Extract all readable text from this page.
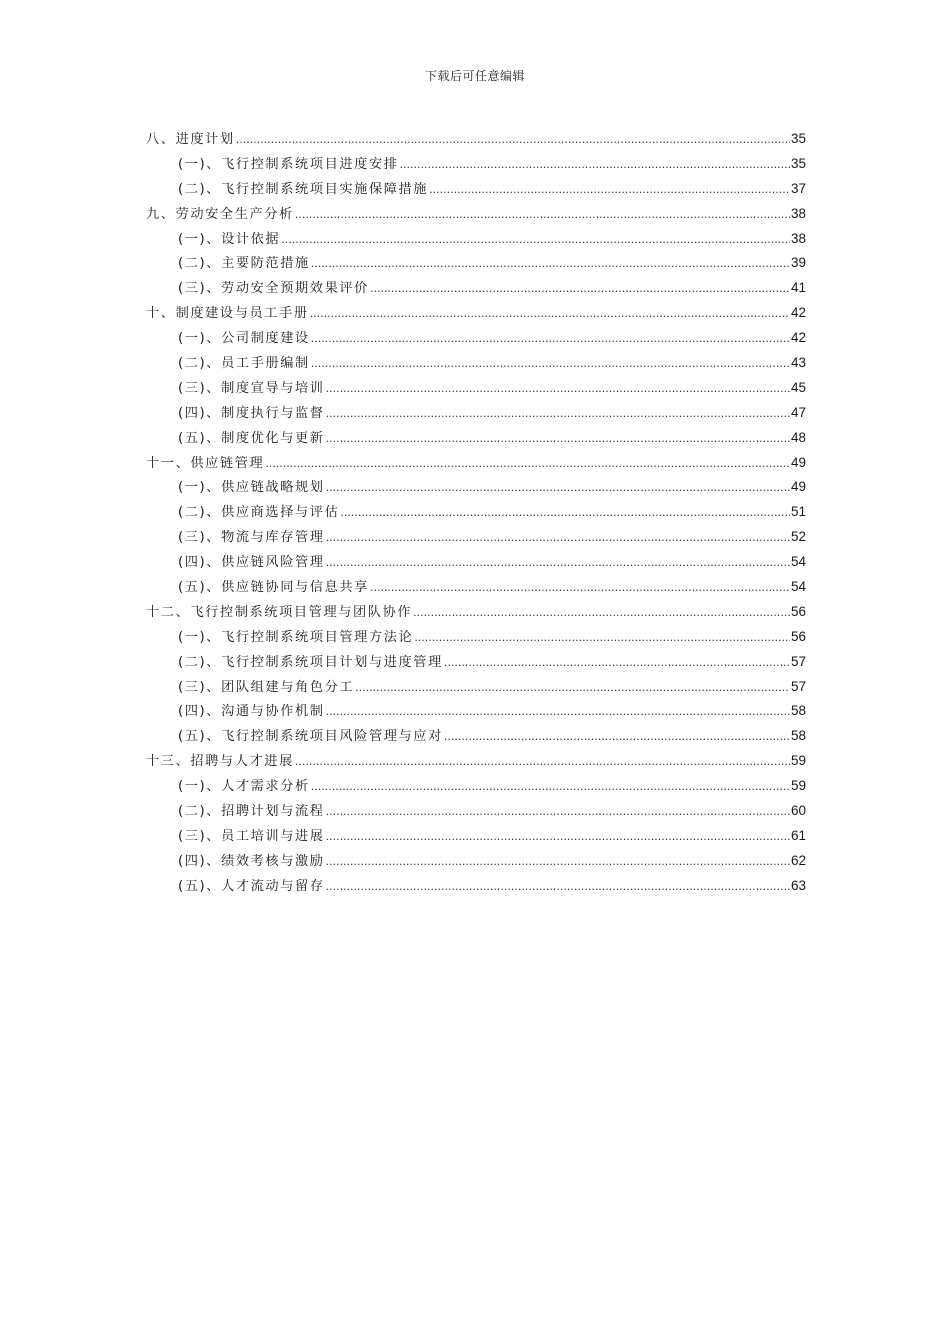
下载后可任意编辑
八、进度计划 .....	35
(一)、飞行控制系统项目进度安排 .....	35
(二)、飞行控制系统项目实施保障措施 .....	37
九、劳动安全生产分析 .....	38
(一)、设计依据 .....	38
(二)、主要防范措施 .....	39
(三)、劳动安全预期效果评价 .....	41
十、制度建设与员工手册 .....	42
(一)、公司制度建设 .....	42
(二)、员工手册编制 .....	43
(三)、制度宣导与培训 .....	45
(四)、制度执行与监督 .....	47
(五)、制度优化与更新 .....	48
十一、供应链管理 .....	49
(一)、供应链战略规划 .....	49
(二)、供应商选择与评估 .....	51
(三)、物流与库存管理 .....	52
(四)、供应链风险管理 .....	54
(五)、供应链协同与信息共享 .....	54
十二、飞行控制系统项目管理与团队协作 .....	56
(一)、飞行控制系统项目管理方法论 .....	56
(二)、飞行控制系统项目计划与进度管理 .....	57
(三)、团队组建与角色分工 .....	57
(四)、沟通与协作机制 .....	58
(五)、飞行控制系统项目风险管理与应对 .....	58
十三、招聘与人才进展 .....	59
(一)、人才需求分析 .....	59
(二)、招聘计划与流程 .....	60
(三)、员工培训与进展 .....	61
(四)、绩效考核与激励 .....	62
(五)、人才流动与留存 .....	63
